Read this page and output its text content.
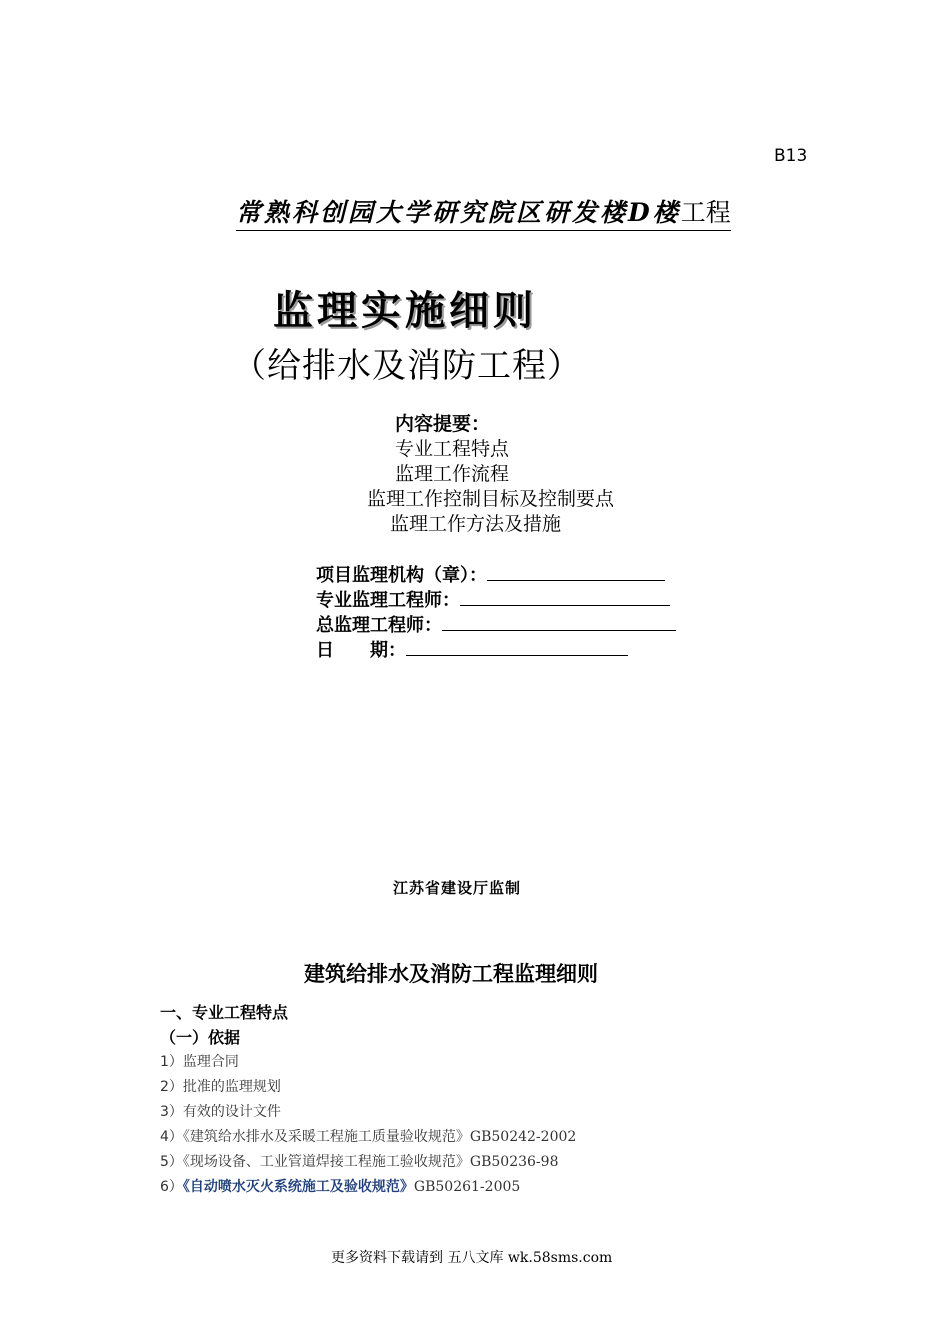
B13
常熟科创园大学研究院区研发楼D楼工程
监理实施细则
（给排水及消防工程）
内容提要：
专业工程特点
监理工作流程
监理工作控制目标及控制要点
监理工作方法及措施
项目监理机构（章）：
专业监理工程师：
总监理工程师：
日　　期：
江苏省建设厅监制
建筑给排水及消防工程监理细则
一、专业工程特点
（一）依据
1）监理合同
2）批准的监理规划
3）有效的设计文件
4）《建筑给水排水及采暖工程施工质量验收规范》GB50242-2002
5）《现场设备、工业管道焊接工程施工验收规范》GB50236-98
6）《自动喷水灭火系统施工及验收规范》GB50261-2005
更多资料下载请到 五八文库 wk.58sms.com
